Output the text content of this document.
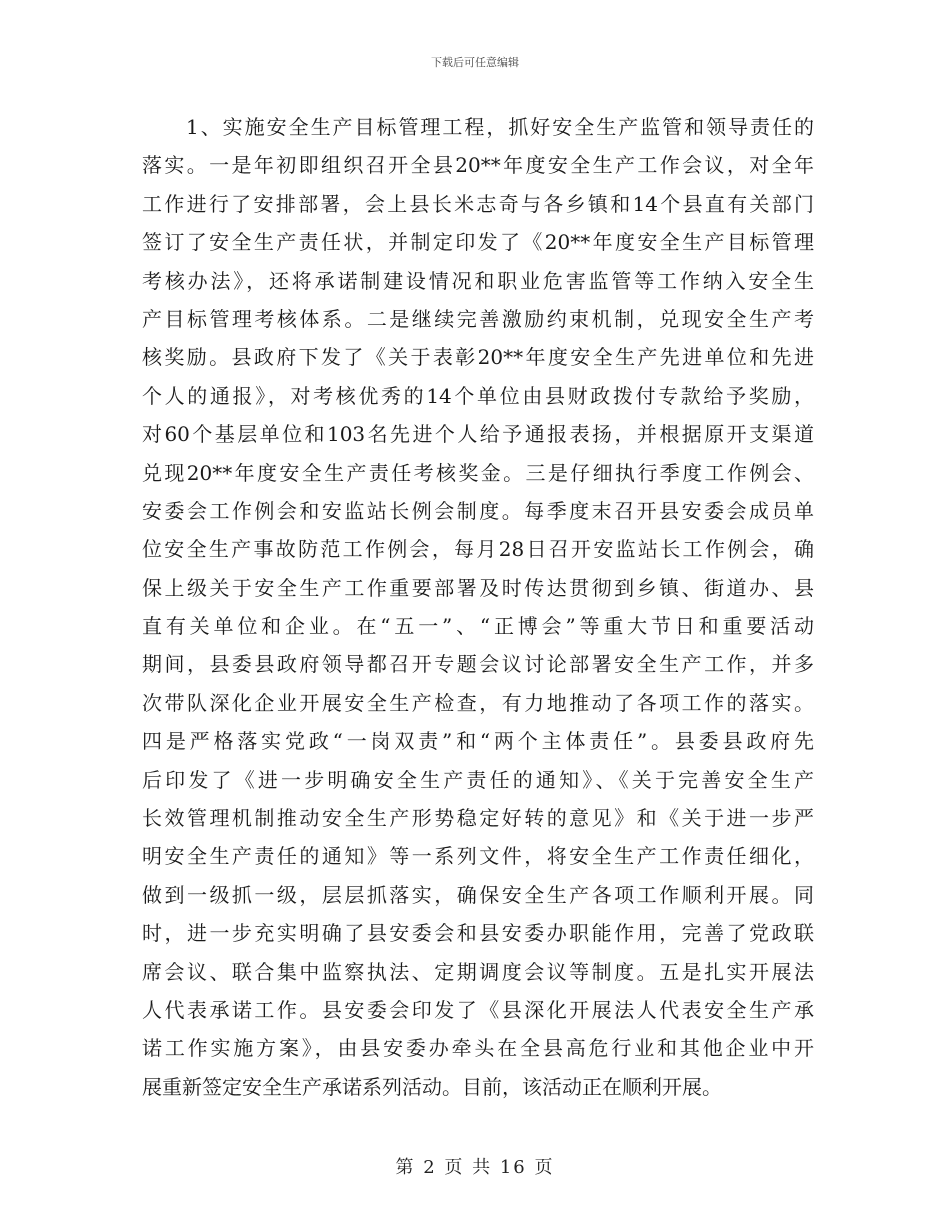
下载后可任意编辑
1、实施安全生产目标管理工程，抓好安全生产监管和领导责任的
落实。一是年初即组织召开全县20**年度安全生产工作会议，对全年
工作进行了安排部署，会上县长米志奇与各乡镇和14个县直有关部门
签订了安全生产责任状，并制定印发了《20**年度安全生产目标管理
考核办法》，还将承诺制建设情况和职业危害监管等工作纳入安全生
产目标管理考核体系。二是继续完善激励约束机制，兑现安全生产考
核奖励。县政府下发了《关于表彰20**年度安全生产先进单位和先进
个人的通报》，对考核优秀的14个单位由县财政拨付专款给予奖励，
对60个基层单位和103名先进个人给予通报表扬，并根据原开支渠道
兑现20**年度安全生产责任考核奖金。三是仔细执行季度工作例会、
安委会工作例会和安监站长例会制度。每季度末召开县安委会成员单
位安全生产事故防范工作例会，每月28日召开安监站长工作例会，确
保上级关于安全生产工作重要部署及时传达贯彻到乡镇、街道办、县
直有关单位和企业。在“五一”、“正博会”等重大节日和重要活动
期间，县委县政府领导都召开专题会议讨论部署安全生产工作，并多
次带队深化企业开展安全生产检查，有力地推动了各项工作的落实。
四是严格落实党政“一岗双责”和“两个主体责任”。县委县政府先
后印发了《进一步明确安全生产责任的通知》、《关于完善安全生产
长效管理机制推动安全生产形势稳定好转的意见》和《关于进一步严
明安全生产责任的通知》等一系列文件，将安全生产工作责任细化，
做到一级抓一级，层层抓落实，确保安全生产各项工作顺利开展。同
时，进一步充实明确了县安委会和县安委办职能作用，完善了党政联
席会议、联合集中监察执法、定期调度会议等制度。五是扎实开展法
人代表承诺工作。县安委会印发了《县深化开展法人代表安全生产承
诺工作实施方案》，由县安委办牵头在全县高危行业和其他企业中开
展重新签定安全生产承诺系列活动。目前，该活动正在顺利开展。
第 2 页 共 16 页
